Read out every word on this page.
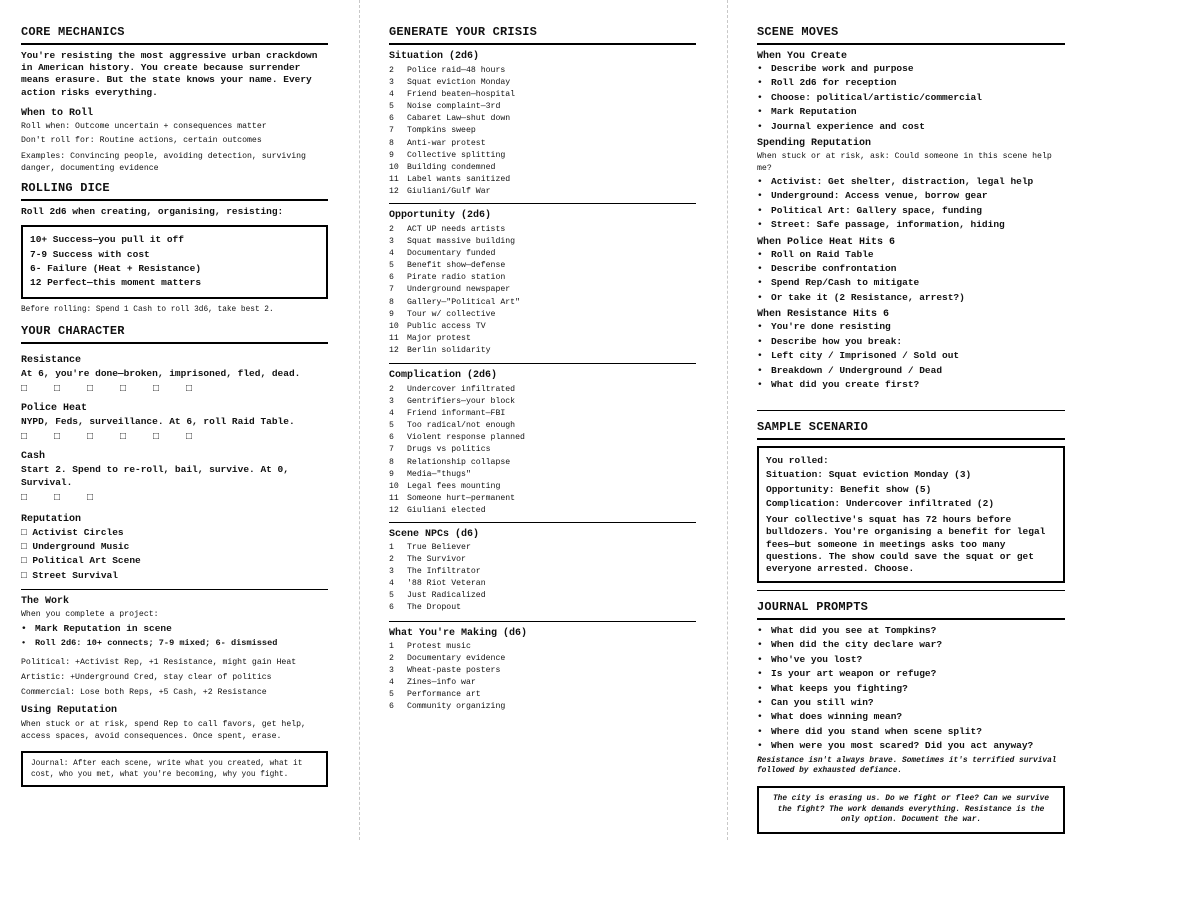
CORE MECHANICS
You're resisting the most aggressive urban crackdown
in American history. You create because surrender
means erasure. But the state knows your name. Every
action risks everything.
When to Roll
Roll when: Outcome uncertain + consequences matter
Don't roll for: Routine actions, certain outcomes
Examples: Convincing people, avoiding detection, surviving
danger, documenting evidence
ROLLING DICE
Roll 2d6 when creating, organising, resisting:
10+ Success—you pull it off
7-9 Success with cost
6- Failure (Heat + Resistance)
12 Perfect—this moment matters
Before rolling: Spend 1 Cash to roll 3d6, take best 2.
YOUR CHARACTER
Resistance
At 6, you're done—broken, imprisoned, fled, dead.
□	□	□	□	□	□
Police Heat
NYPD, Feds, surveillance. At 6, roll Raid Table.
□	□	□	□	□	□
Cash
Start 2. Spend to re-roll, bail, survive. At 0,
Survival.
□	□	□
Reputation
□ Activist Circles
□ Underground Music
□ Political Art Scene
□ Street Survival
The Work
When you complete a project:
• Mark Reputation in scene
• Roll 2d6: 10+ connects; 7-9 mixed; 6- dismissed
Political: +Activist Rep, +1 Resistance, might gain Heat
Artistic: +Underground Cred, stay clear of politics
Commercial: Lose both Reps, +5 Cash, +2 Resistance
Using Reputation
When stuck or at risk, spend Rep to call favors, get help,
access spaces, avoid consequences. Once spent, erase.
Journal: After each scene, write what you created, what it
cost, who you met, what you're becoming, why you fight.
GENERATE YOUR CRISIS
Situation (2d6)
2	Police raid—48 hours
3	Squat eviction Monday
4	Friend beaten—hospital
5	Noise complaint—3rd
6	Cabaret Law—shut down
7	Tompkins sweep
8	Anti-war protest
9	Collective splitting
10 Building condemned
11 Label wants sanitized
12 Giuliani/Gulf War
Opportunity (2d6)
2	ACT UP needs artists
3	Squat massive building
4	Documentary funded
5	Benefit show—defense
6	Pirate radio station
7	Underground newspaper
8	Gallery—"Political Art"
9	Tour w/ collective
10 Public access TV
11 Major protest
12 Berlin solidarity
Complication (2d6)
2	Undercover infiltrated
3	Gentrifiers—your block
4	Friend informant—FBI
5	Too radical/not enough
6	Violent response planned
7	Drugs vs politics
8	Relationship collapse
9	Media—"thugs"
10 Legal fees mounting
11 Someone hurt—permanent
12 Giuliani elected
Scene NPCs (d6)
1	True Believer
2	The Survivor
3	The Infiltrator
4	'88 Riot Veteran
5	Just Radicalized
6	The Dropout
What You're Making (d6)
1	Protest music
2	Documentary evidence
3	Wheat-paste posters
4	Zines—info war
5	Performance art
6	Community organizing
SCENE MOVES
When You Create
• Describe work and purpose
• Roll 2d6 for reception
• Choose: political/artistic/commercial
• Mark Reputation
• Journal experience and cost
Spending Reputation
When stuck or at risk, ask: Could someone in this scene help
me?
• Activist: Get shelter, distraction, legal help
• Underground: Access venue, borrow gear
• Political Art: Gallery space, funding
• Street: Safe passage, information, hiding
When Police Heat Hits 6
• Roll on Raid Table
• Describe confrontation
• Spend Rep/Cash to mitigate
• Or take it (2 Resistance, arrest?)
When Resistance Hits 6
• You're done resisting
• Describe how you break:
• Left city / Imprisoned / Sold out
• Breakdown / Underground / Dead
• What did you create first?
SAMPLE SCENARIO
You rolled:
Situation: Squat eviction Monday (3)
Opportunity: Benefit show (5)
Complication: Undercover infiltrated (2)
Your collective's squat has 72 hours before
bulldozers. You're organising a benefit for legal
fees—but someone in meetings asks too many
questions. The show could save the squat or get
everyone arrested. Choose.
JOURNAL PROMPTS
• What did you see at Tompkins?
• When did the city declare war?
• Who've you lost?
• Is your art weapon or refuge?
• What keeps you fighting?
• Can you still win?
• What does winning mean?
• Where did you stand when scene split?
• When were you most scared? Did you act anyway?
Resistance isn't always brave. Sometimes it's terrified survival
followed by exhausted defiance.
The city is erasing us. Do we fight or flee? Can we survive
the fight? The work demands everything. Resistance is the
only option. Document the war.
